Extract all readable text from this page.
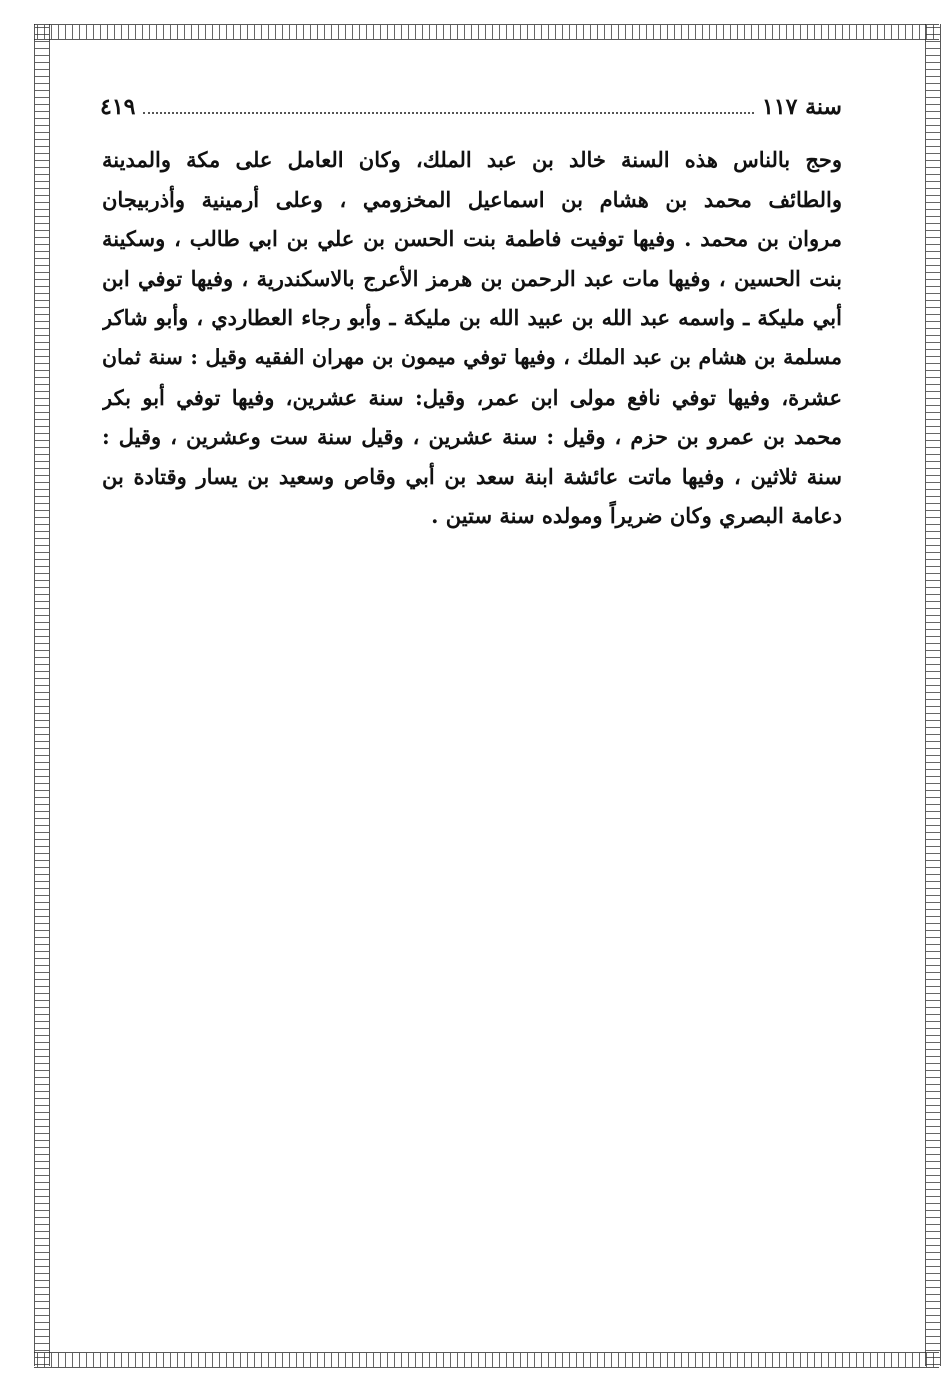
سنة ١١٧
٤١٩
وحج بالناس هذه السنة خالد بن عبد الملك، وكان العامل على مكة والمدينة
والطائف محمد بن هشام بن اسماعيل المخزومي ، وعلى أرمينية وأذربيجان
مروان بن محمد . وفيها توفيت فاطمة بنت الحسن بن علي بن ابي طالب ، وسكينة
بنت الحسين ، وفيها مات عبد الرحمن بن هرمز الأعرج بالاسكندرية ، وفيها توفي ابن
أبي مليكة ـ واسمه عبد الله بن عبيد الله بن مليكة ـ وأبو رجاء العطاردي ، وأبو شاكر
مسلمة بن هشام بن عبد الملك ، وفيها توفي ميمون بن مهران الفقيه وقيل : سنة ثمان
عشرة، وفيها توفي نافع مولى ابن عمر، وقيل: سنة عشرين، وفيها توفي أبو بكر
محمد بن عمرو بن حزم ، وقيل : سنة عشرين ، وقيل سنة ست وعشرين ، وقيل :
سنة ثلاثين ، وفيها ماتت عائشة ابنة سعد بن أبي وقاص وسعيد بن يسار وقتادة بن
دعامة البصري وكان ضريراً ومولده سنة ستين .
